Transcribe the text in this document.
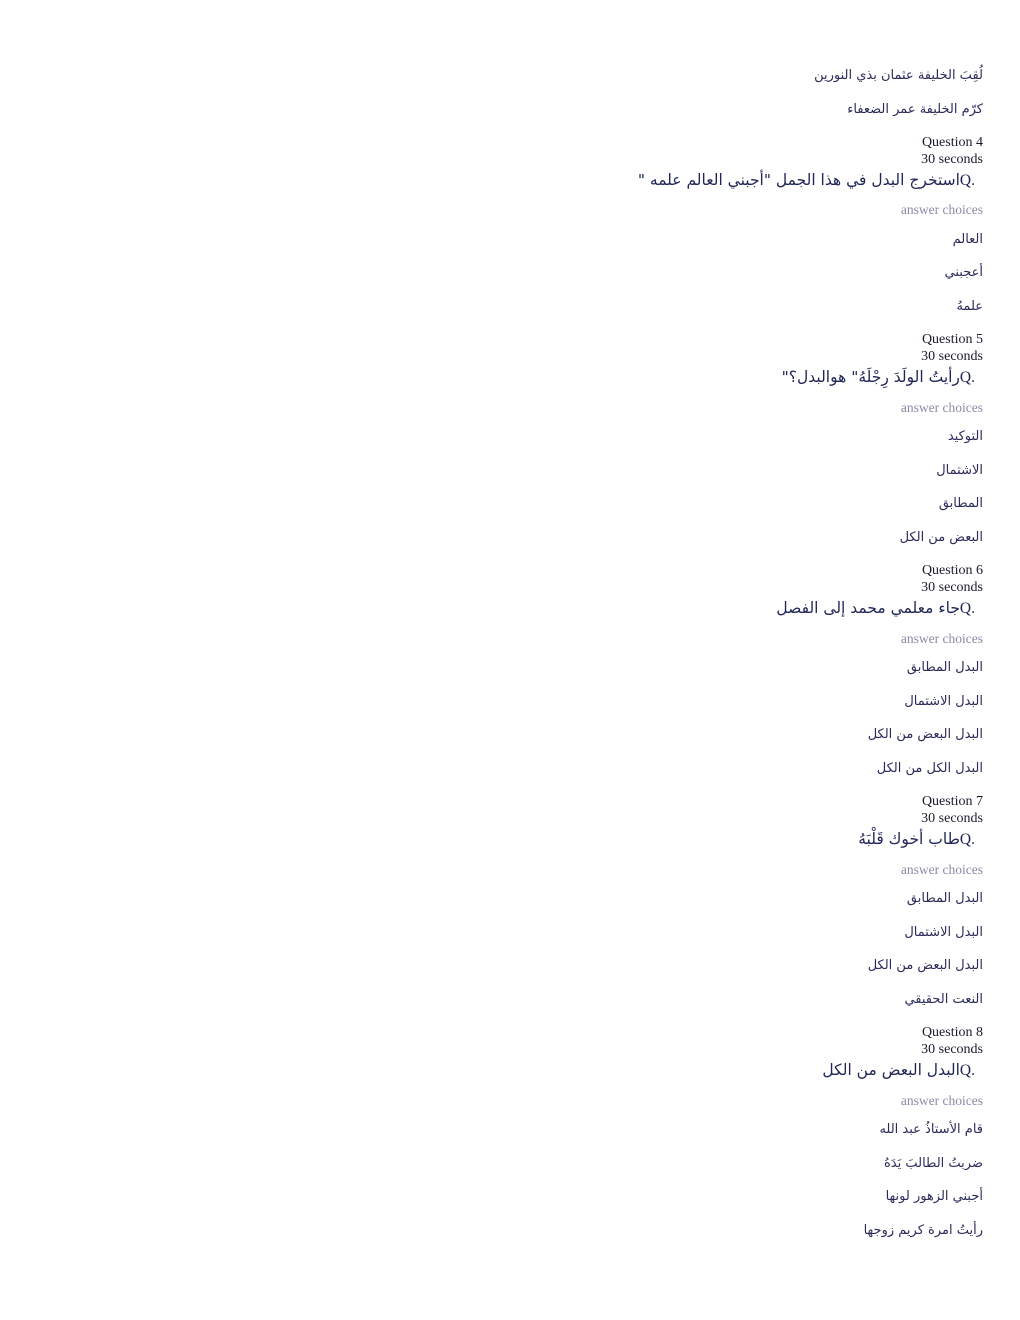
لُقِبَ الخليفة عثمان بذي النورين
كرّم الخليفة عمر الضعفاء
Question 4
30 seconds
استخرج البدل في هذا الجمل "أجبني العالم علمه "Q.
answer choices
العالم
أعجبني
علمهُ
Question 5
30 seconds
رأيتُ الولَدَ رِجْلَهُ" هوالبدل؟"Q.
answer choices
التوكيد
الاشتمال
المطابق
البعض من الكل
Question 6
30 seconds
جاء معلمي محمد إلى الفصلQ.
answer choices
البدل المطابق
البدل الاشتمال
البدل البعض من الكل
البدل الكل من الكل
Question 7
30 seconds
طاب أخوك قَلْبَهُQ.
answer choices
البدل المطابق
البدل الاشتمال
البدل البعض من الكل
النعت الحقيقي
Question 8
30 seconds
البدل البعض من الكلQ.
answer choices
قام الأستاذُ عبد الله
ضربتُ الطالبَ يَدَهُ
أجبني الزهور لونها
رأيتُ امرة كريم زوجها
